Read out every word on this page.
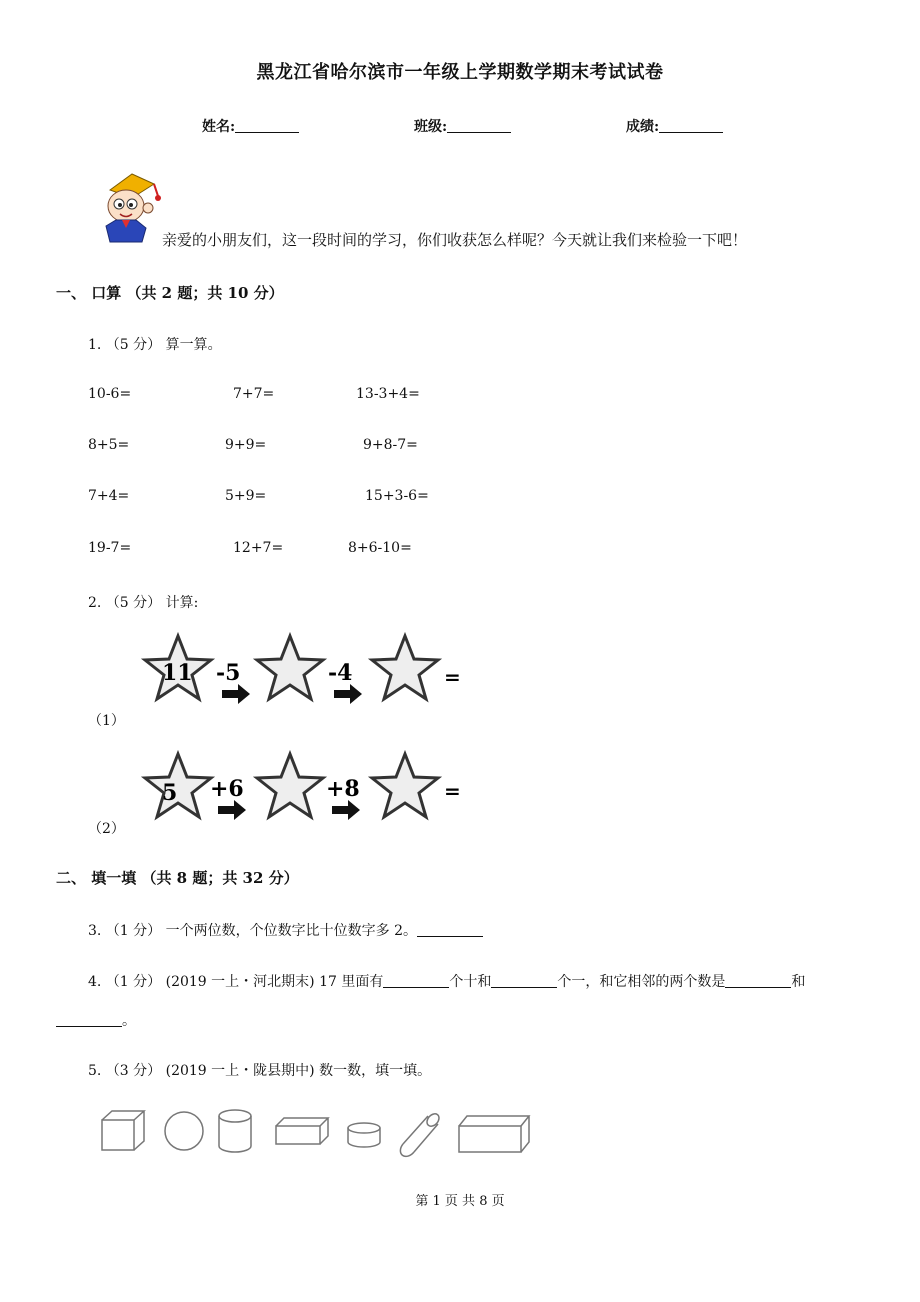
黑龙江省哈尔滨市一年级上学期数学期末考试试卷
姓名:	班级:	成绩:
亲爱的小朋友们，这一段时间的学习，你们收获怎么样呢？今天就让我们来检验一下吧！
一、 口算 （共 2 题；共 10 分）
1. （5 分） 算一算。
10-6=	7+7=	13-3+4=
8+5=	9+9=	9+8-7=
7+4=	5+9=	15+3-6=
19-7=	12+7=	8+6-10=
2. （5 分） 计算:
11 -5	-4	=
（1）
5 +6	+8	=
（2）
二、 填一填 （共 8 题；共 32 分）
3. （1 分） 一个两位数，个位数字比十位数字多 2。
4. （1 分） (2019 一上・河北期末) 17 里面有	个十和	个一，和它相邻的两个数是	和
。
5. （3 分） (2019 一上・陇县期中) 数一数，填一填。
第 1 页 共 8 页
